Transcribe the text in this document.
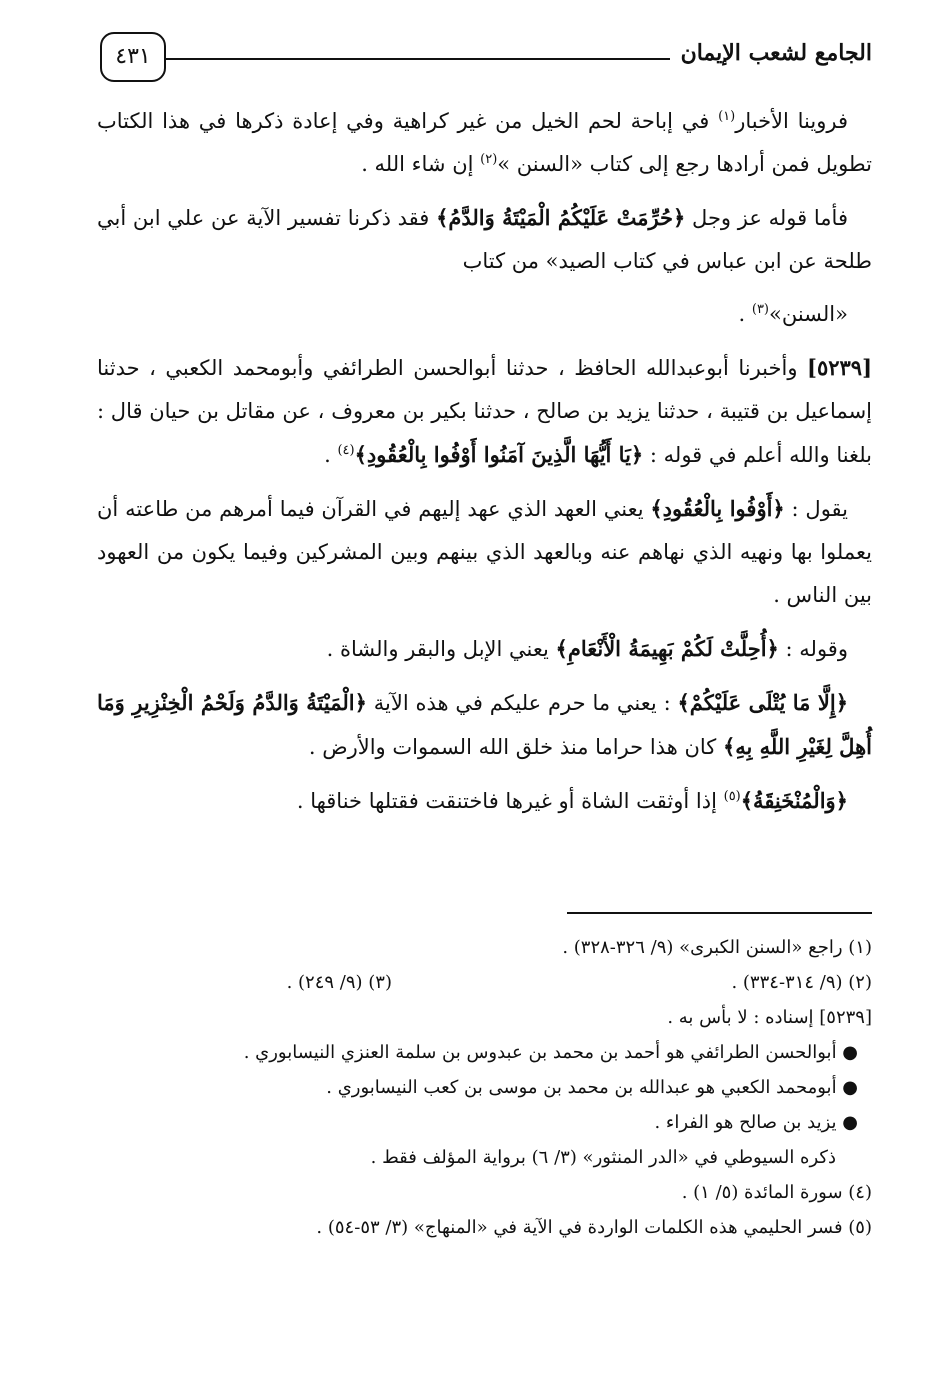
الجامع لشعب الإيمان
٤٣١

فروينا الأخبار$^{(١)}$ في إباحة لحم الخيل من غير كراهية وفي إعادة ذكرها في هذا الكتاب تطويل فمن أرادها رجع إلى كتاب «السنن »$^{(٢)}$ إن شاء الله .

فأما قوله عز وجل ﴿حُرِّمَتْ عَلَيْكُمُ الْمَيْتَةُ وَالدَّمُ﴾ فقد ذكرنا تفسير الآية عن علي ابن أبي طلحة عن ابن عباس في كتاب الصيد» من كتاب

«السنن»$^{(٣)}$ .

[٥٢٣٩] وأخبرنا أبوعبدالله الحافظ ، حدثنا أبوالحسن الطرائفي وأبومحمد الكعبي ، حدثنا إسماعيل بن قتيبة ، حدثنا يزيد بن صالح ، حدثنا بكير بن معروف ، عن مقاتل بن حيان قال : بلغنا والله أعلم في قوله : ﴿يَا أَيُّهَا الَّذِينَ آمَنُوا أَوْفُوا بِالْعُقُودِ﴾$^{(٤)}$ .

يقول : ﴿أَوْفُوا بِالْعُقُودِ﴾ يعني العهد الذي عهد إليهم في القرآن فيما أمرهم من طاعته أن يعملوا بها ونهيه الذي نهاهم عنه وبالعهد الذي بينهم وبين المشركين وفيما يكون من العهود بين الناس .

وقوله : ﴿أُحِلَّتْ لَكُمْ بَهِيمَةُ الْأَنْعَامِ﴾ يعني الإبل والبقر والشاة .

﴿إِلَّا مَا يُتْلَى عَلَيْكُمْ﴾ : يعني ما حرم عليكم في هذه الآية ﴿الْمَيْتَةُ وَالدَّمُ وَلَحْمُ الْخِنْزِيرِ وَمَا أُهِلَّ لِغَيْرِ اللَّهِ بِهِ﴾ كان هذا حراما منذ خلق الله السموات والأرض .

﴿وَالْمُنْخَنِقَةُ﴾$^{(٥)}$ إذا أوثقت الشاة أو غيرها فاختنقت فقتلها خناقها .

(١) راجع «السنن الكبرى» (٩/ ٣٢٦-٣٢٨) .

(٢) (٩/ ٣١٤-٣٣٤) .

(٣) (٩/ ٢٤٩) .

[٥٢٣٩] إسناده : لا بأس به .

● أبوالحسن الطرائفي هو أحمد بن محمد بن عبدوس بن سلمة العنزي النيسابوري .

● أبومحمد الكعبي هو عبدالله بن محمد بن موسى بن كعب النيسابوري .

● يزيد بن صالح هو الفراء .

ذكره السيوطي في «الدر المنثور» (٣/ ٦) برواية المؤلف فقط .

(٤) سورة المائدة (٥/ ١) .

(٥) فسر الحليمي هذه الكلمات الواردة في الآية في «المنهاج» (٣/ ٥٣-٥٤) .
